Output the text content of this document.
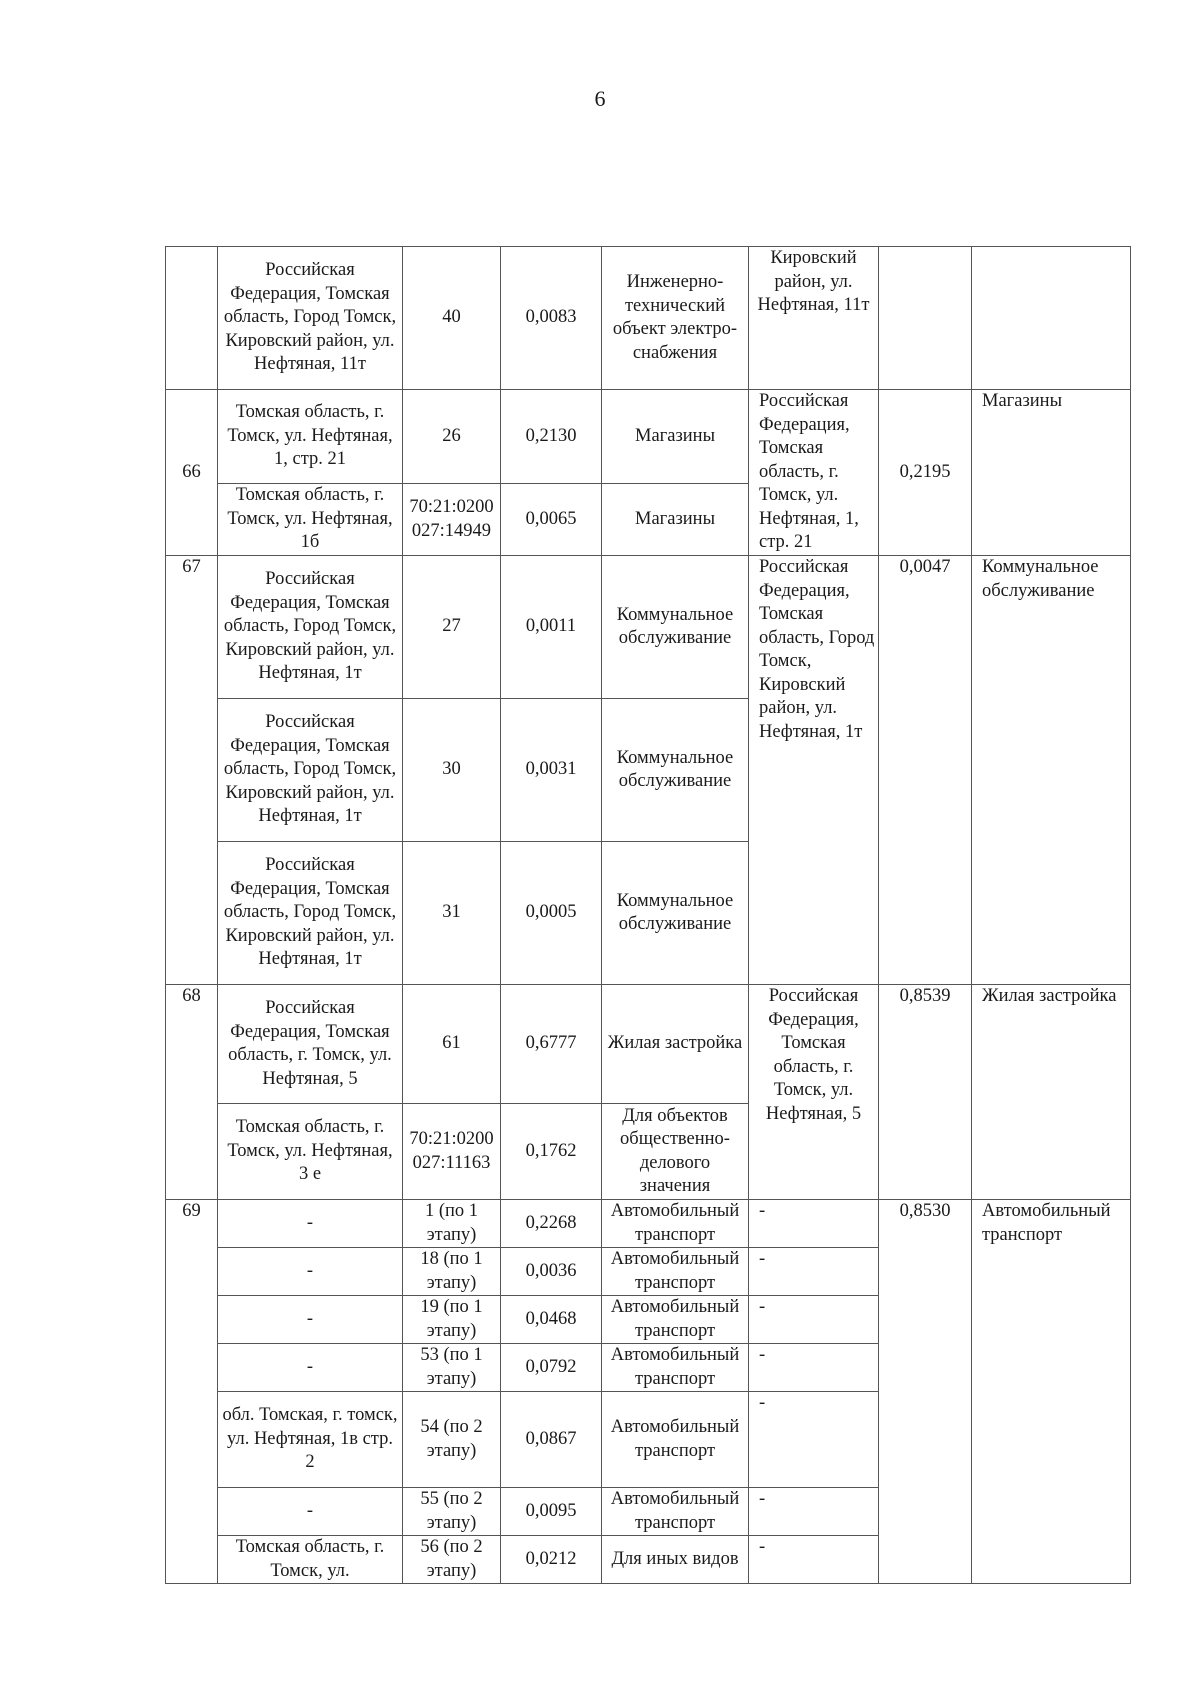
6
	Российская Федерация, Томская область, Город Томск, Кировский район, ул. Нефтяная, 11т	40	0,0083	Инженерно-технический объект электро-снабжения	Кировский район, ул. Нефтяная, 11т		
66	Томская область, г. Томск, ул. Нефтяная, 1, стр. 21	26	0,2130	Магазины	Российская Федерация, Томская область, г. Томск, ул. Нефтяная, 1, стр. 21	0,2195	Магазины
	Томская область, г. Томск, ул. Нефтяная, 1б	70:21:0200027:14949	0,0065	Магазины			
67	Российская Федерация, Томская область, Город Томск, Кировский район, ул. Нефтяная, 1т	27	0,0011	Коммунальное обслуживание	Российская Федерация, Томская область, Город Томск, Кировский район, ул. Нефтяная, 1т	0,0047	Коммунальное обслуживание
	Российская Федерация, Томская область, Город Томск, Кировский район, ул. Нефтяная, 1т	30	0,0031	Коммунальное обслуживание			
	Российская Федерация, Томская область, Город Томск, Кировский район, ул. Нефтяная, 1т	31	0,0005	Коммунальное обслуживание			
68	Российская Федерация, Томская область, г. Томск, ул. Нефтяная, 5	61	0,6777	Жилая застройка	Российская Федерация, Томская область, г. Томск, ул. Нефтяная, 5	0,8539	Жилая застройка
	Томская область, г. Томск, ул. Нефтяная, 3 е	70:21:0200027:11163	0,1762	Для объектов общественно-делового значения			
69	-	1 (по 1 этапу)	0,2268	Автомобильный транспорт	-	0,8530	Автомобильный транспорт
	-	18 (по 1 этапу)	0,0036	Автомобильный транспорт	-		
	-	19 (по 1 этапу)	0,0468	Автомобильный транспорт	-		
	-	53 (по 1 этапу)	0,0792	Автомобильный транспорт	-		
	обл. Томская, г. томск, ул. Нефтяная, 1в стр. 2	54 (по 2 этапу)	0,0867	Автомобильный транспорт	-		
	-	55 (по 2 этапу)	0,0095	Автомобильный транспорт	-		
	Томская область, г. Томск, ул.	56 (по 2 этапу)	0,0212	Для иных видов	-		
